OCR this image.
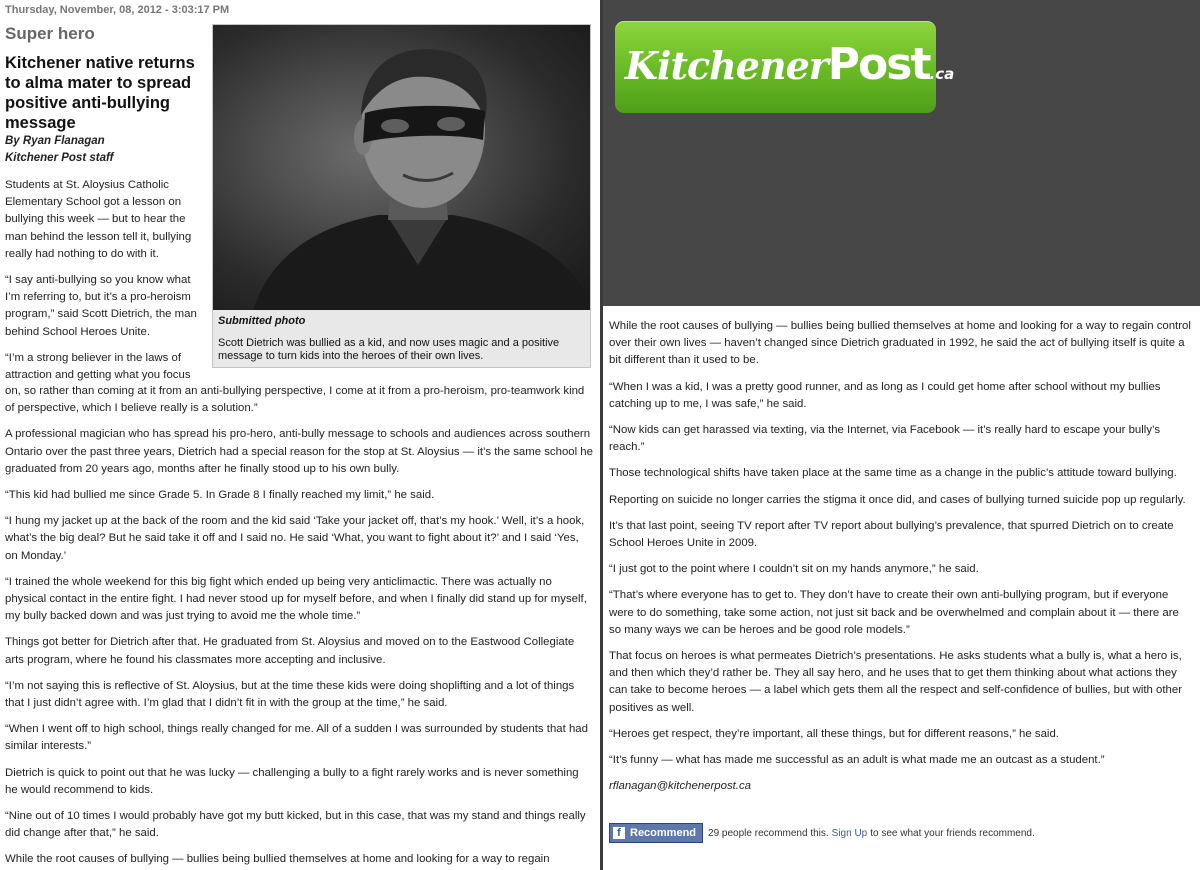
Thursday, November, 08, 2012 - 3:03:17 PM
Super hero
Kitchener native returns to alma mater to spread positive anti-bullying message
By Ryan Flanagan
Kitchener Post staff
Submitted photo
Scott Dietrich was bullied as a kid, and now uses magic and a positive message to turn kids into the heroes of their own lives.

Students at St. Aloysius Catholic Elementary School got a lesson on bullying this week — but to hear the man behind the lesson tell it, bullying really had nothing to do with it.

“I say anti-bullying so you know what I’m referring to, but it’s a pro-heroism program,” said Scott Dietrich, the man behind School Heroes Unite.

“I’m a strong believer in the laws of attraction and getting what you focus

on, so rather than coming at it from an anti-bullying perspective, I come at it from a pro-heroism, pro-teamwork kind of perspective, which I believe really is a solution.”

A professional magician who has spread his pro-hero, anti-bully message to schools and audiences across southern Ontario over the past three years, Dietrich had a special reason for the stop at St. Aloysius — it’s the same school he graduated from 20 years ago, months after he finally stood up to his own bully.

“This kid had bullied me since Grade 5. In Grade 8 I finally reached my limit,” he said.

“I hung my jacket up at the back of the room and the kid said ‘Take your jacket off, that’s my hook.’ Well, it’s a hook, what’s the big deal? But he said take it off and I said no. He said ‘What, you want to fight about it?’ and I said ‘Yes, on Monday.’

“I trained the whole weekend for this big fight which ended up being very anticlimactic. There was actually no physical contact in the entire fight. I had never stood up for myself before, and when I finally did stand up for myself, my bully backed down and was just trying to avoid me the whole time.”

Things got better for Dietrich after that. He graduated from St. Aloysius and moved on to the Eastwood Collegiate arts program, where he found his classmates more accepting and inclusive.

“I’m not saying this is reflective of St. Aloysius, but at the time these kids were doing shoplifting and a lot of things that I just didn’t agree with. I’m glad that I didn’t fit in with the group at the time,” he said.

“When I went off to high school, things really changed for me. All of a sudden I was surrounded by students that had similar interests.”

Dietrich is quick to point out that he was lucky — challenging a bully to a fight rarely works and is never something he would recommend to kids.

“Nine out of 10 times I would probably have got my butt kicked, but in this case, that was my stand and things really did change after that,” he said.

While the root causes of bullying — bullies being bullied themselves at home and looking for a way to regain

KitchenerPost.ca

While the root causes of bullying — bullies being bullied themselves at home and looking for a way to regain control over their own lives — haven’t changed since Dietrich graduated in 1992, he said the act of bullying itself is quite a bit different than it used to be.

“When I was a kid, I was a pretty good runner, and as long as I could get home after school without my bullies catching up to me, I was safe,” he said.

“Now kids can get harassed via texting, via the Internet, via Facebook — it’s really hard to escape your bully’s reach.”

Those technological shifts have taken place at the same time as a change in the public’s attitude toward bullying.

Reporting on suicide no longer carries the stigma it once did, and cases of bullying turned suicide pop up regularly.

It’s that last point, seeing TV report after TV report about bullying’s prevalence, that spurred Dietrich on to create School Heroes Unite in 2009.

“I just got to the point where I couldn’t sit on my hands anymore,” he said.

“That’s where everyone has to get to. They don’t have to create their own anti-bullying program, but if everyone were to do something, take some action, not just sit back and be overwhelmed and complain about it — there are so many ways we can be heroes and be good role models.”

That focus on heroes is what permeates Dietrich’s presentations. He asks students what a bully is, what a hero is, and then which they’d rather be. They all say hero, and he uses that to get them thinking about what actions they can take to become heroes — a label which gets them all the respect and self-confidence of bullies, but with other positives as well.

“Heroes get respect, they’re important, all these things, but for different reasons,” he said.

“It’s funny — what has made me successful as an adult is what made me an outcast as a student.”

rflanagan@kitchenerpost.ca

f Recommend 29 people recommend this. Sign Up to see what your friends recommend.
